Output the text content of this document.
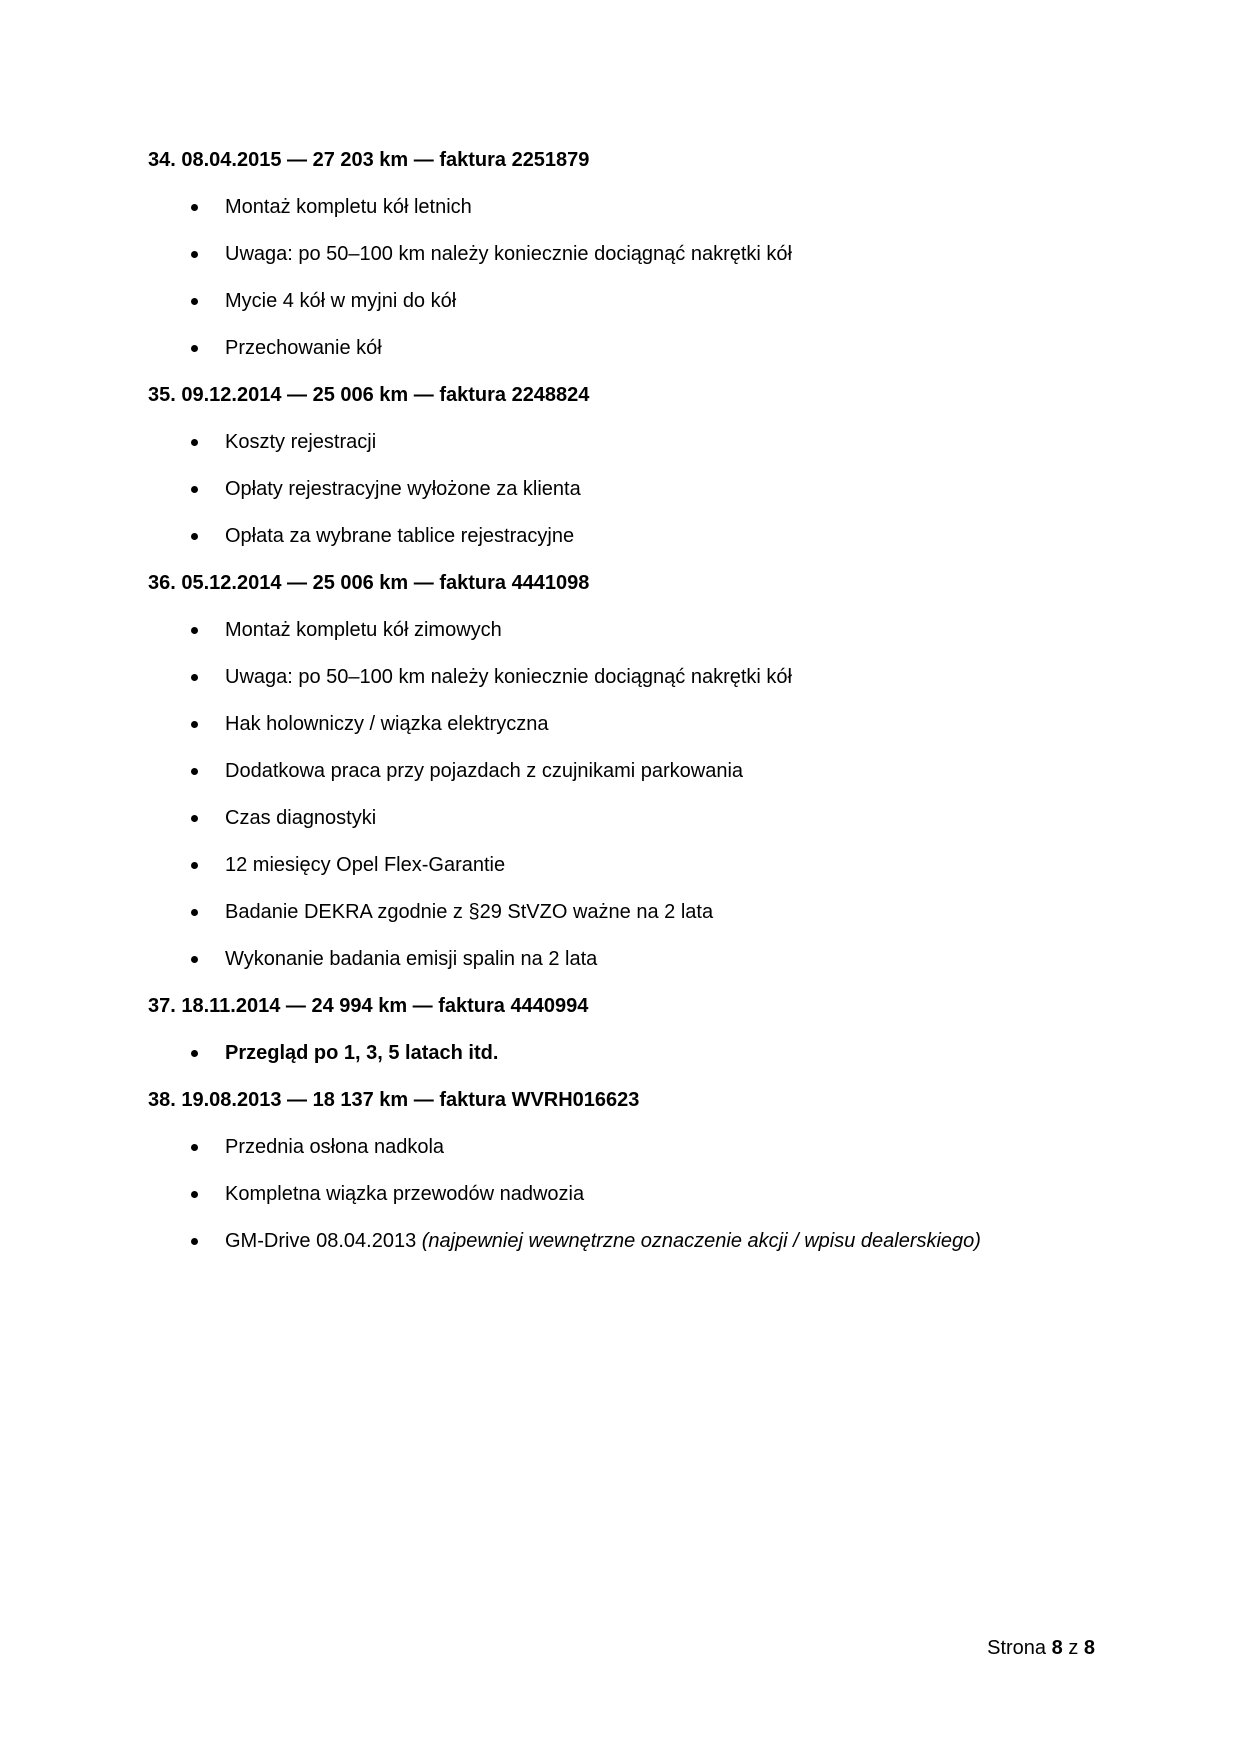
34. 08.04.2015 — 27 203 km — faktura 2251879
Montaż kompletu kół letnich
Uwaga: po 50–100 km należy koniecznie dociągnąć nakrętki kół
Mycie 4 kół w myjni do kół
Przechowanie kół
35. 09.12.2014 — 25 006 km — faktura 2248824
Koszty rejestracji
Opłaty rejestracyjne wyłożone za klienta
Opłata za wybrane tablice rejestracyjne
36. 05.12.2014 — 25 006 km — faktura 4441098
Montaż kompletu kół zimowych
Uwaga: po 50–100 km należy koniecznie dociągnąć nakrętki kół
Hak holowniczy / wiązka elektryczna
Dodatkowa praca przy pojazdach z czujnikami parkowania
Czas diagnostyki
12 miesięcy Opel Flex-Garantie
Badanie DEKRA zgodnie z §29 StVZO ważne na 2 lata
Wykonanie badania emisji spalin na 2 lata
37. 18.11.2014 — 24 994 km — faktura 4440994
Przegląd po 1, 3, 5 latach itd.
38. 19.08.2013 — 18 137 km — faktura WVRH016623
Przednia osłona nadkola
Kompletna wiązka przewodów nadwozia
GM-Drive 08.04.2013 (najpewniej wewnętrzne oznaczenie akcji / wpisu dealerskiego)
Strona 8 z 8
